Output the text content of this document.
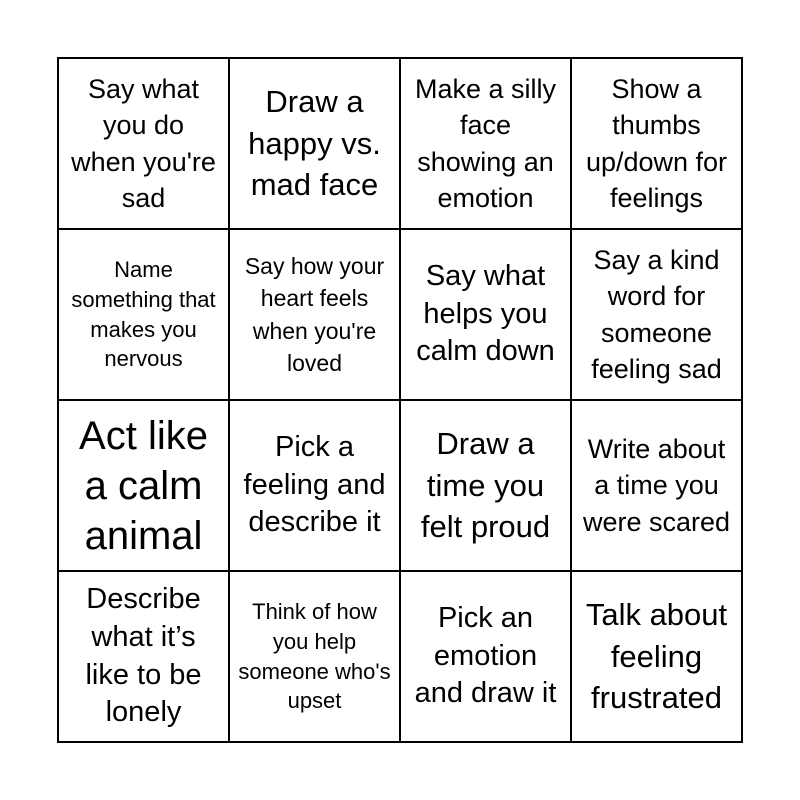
Say what you do when you're sad
Draw a happy vs. mad face
Make a silly face showing an emotion
Show a thumbs up/down for feelings
Name something that makes you nervous
Say how your heart feels when you're loved
Say what helps you calm down
Say a kind word for someone feeling sad
Act like a calm animal
Pick a feeling and describe it
Draw a time you felt proud
Write about a time you were scared
Describe what it’s like to be lonely
Think of how you help someone who's upset
Pick an emotion and draw it
Talk about feeling frustrated
